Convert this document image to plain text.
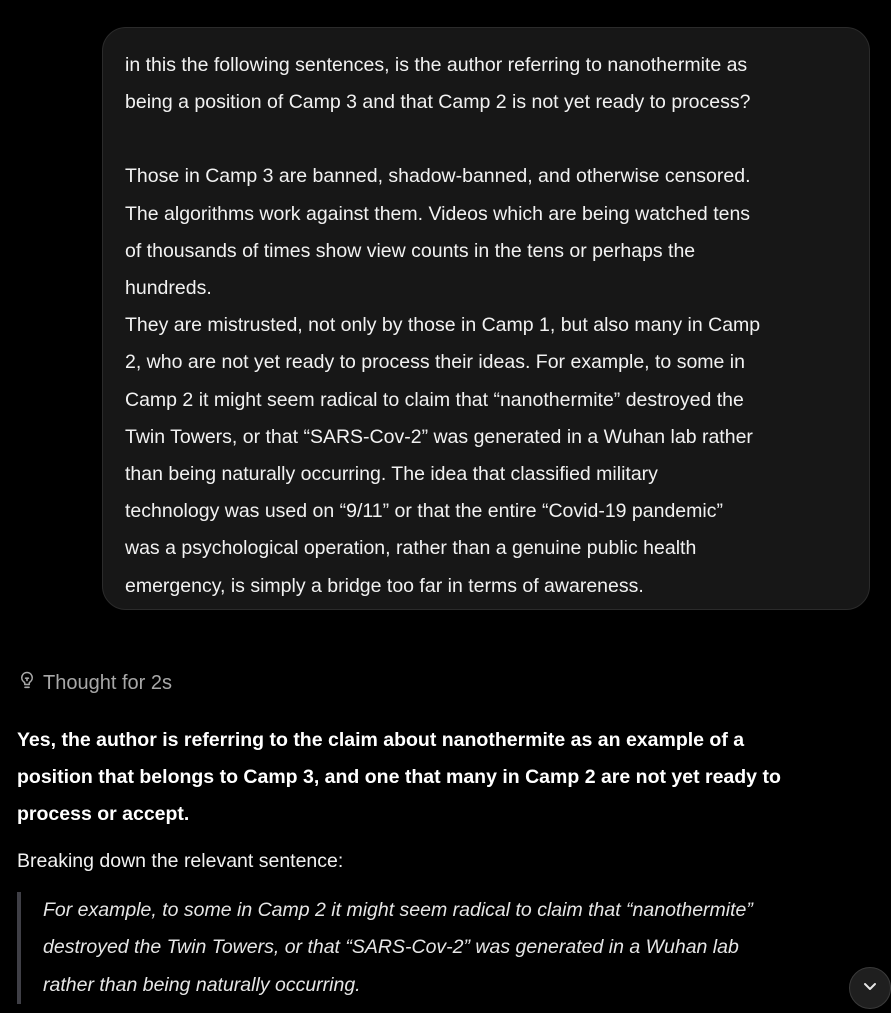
in this the following sentences, is the author referring to nanothermite as

being a position of Camp 3 and that Camp 2 is not yet ready to process?

Those in Camp 3 are banned, shadow-banned, and otherwise censored.

The algorithms work against them. Videos which are being watched tens

of thousands of times show view counts in the tens or perhaps the

hundreds.

They are mistrusted, not only by those in Camp 1, but also many in Camp

2, who are not yet ready to process their ideas. For example, to some in

Camp 2 it might seem radical to claim that “nanothermite” destroyed the

Twin Towers, or that “SARS-Cov-2” was generated in a Wuhan lab rather

than being naturally occurring. The idea that classified military

technology was used on “9/11” or that the entire “Covid-19 pandemic”

was a psychological operation, rather than a genuine public health

emergency, is simply a bridge too far in terms of awareness.

Thought for 2s

Yes, the author is referring to the claim about nanothermite as an example of a
position that belongs to Camp 3, and one that many in Camp 2 are not yet ready to
process or accept.

Breaking down the relevant sentence:

For example, to some in Camp 2 it might seem radical to claim that “nanothermite”
destroyed the Twin Towers, or that “SARS-Cov-2” was generated in a Wuhan lab
rather than being naturally occurring.
